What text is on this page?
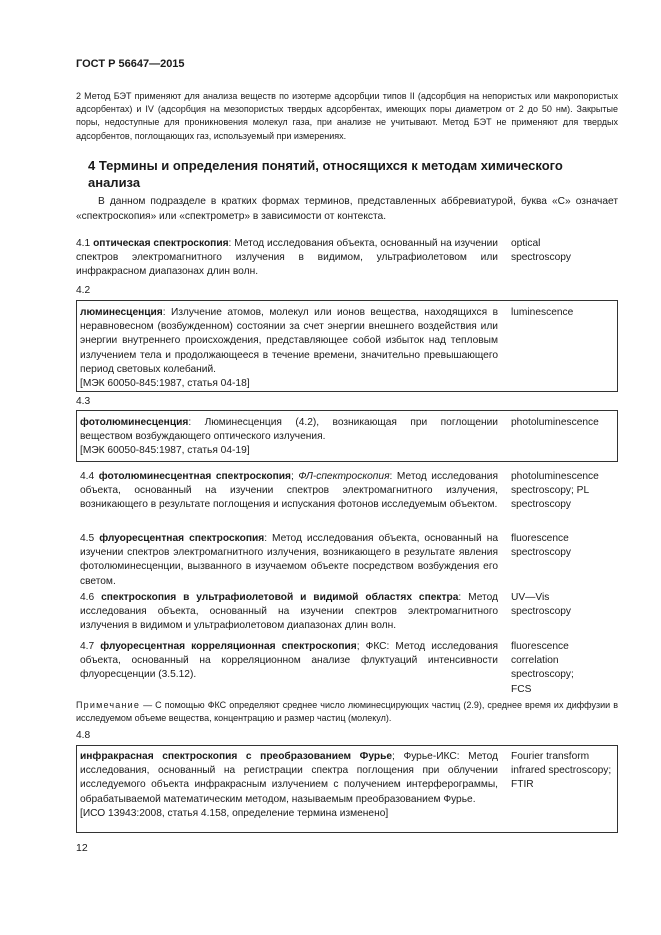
ГОСТ Р 56647—2015
2 Метод БЭТ применяют для анализа веществ по изотерме адсорбции типов II (адсорбция на непористых или макропористых адсорбентах) и IV (адсорбция на мезопористых твердых адсорбентах, имеющих поры диаметром от 2 до 50 нм). Закрытые поры, недоступные для проникновения молекул газа, при анализе не учитывают. Метод БЭТ не применяют для твердых адсорбентов, поглощающих газ, используемый при измерениях.
4 Термины и определения понятий, относящихся к методам химического анализа
В данном подразделе в кратких формах терминов, представленных аббревиатурой, буква «С» означает «спектроскопия» или «спектрометр» в зависимости от контекста.
4.1 оптическая спектроскопия: Метод исследования объекта, основанный на изучении спектров электромагнитного излучения в видимом, ультрафиолетовом или инфракрасном диапазонах длин волн.
optical spectroscopy
4.2
люминесценция: Излучение атомов, молекул или ионов вещества, находящихся в неравновесном (возбужденном) состоянии за счет энергии внешнего воздействия или энергии внутреннего происхождения, представляющее собой избыток над тепловым излучением тела и продолжающееся в течение времени, значительно превышающего период световых колебаний.
[МЭК 60050-845:1987, статья 04-18]
luminescence
4.3
фотолюминесценция: Люминесценция (4.2), возникающая при поглощении веществом возбуждающего оптического излучения.
[МЭК 60050-845:1987, статья 04-19]
photoluminescence
4.4 фотолюминесцентная спектроскопия; ФЛ-спектроскопия: Метод исследования объекта, основанный на изучении спектров электромагнитного излучения, возникающего в результате поглощения и испускания фотонов исследуемым объектом.
photoluminescence spectroscopy; PL spectroscopy
4.5 флуоресцентная спектроскопия: Метод исследования объекта, основанный на изучении спектров электромагнитного излучения, возникающего в результате явления фотолюминесценции, вызванного в изучаемом объекте посредством возбуждения его светом.
fluorescence spectroscopy
4.6 спектроскопия в ультрафиолетовой и видимой областях спектра: Метод исследования объекта, основанный на изучении спектров электромагнитного излучения в видимом и ультрафиолетовом диапазонах длин волн.
UV—Vis spectroscopy
4.7 флуоресцентная корреляционная спектроскопия; ФКС: Метод исследования объекта, основанный на корреляционном анализе флуктуаций интенсивности флуоресценции (3.5.12).
fluorescence correlation spectroscopy; FCS
Примечание — С помощью ФКС определяют среднее число люминесцирующих частиц (2.9), среднее время их диффузии в исследуемом объеме вещества, концентрацию и размер частиц (молекул).
4.8
инфракрасная спектроскопия с преобразованием Фурье; Фурье-ИКС: Метод исследования, основанный на регистрации спектра поглощения при облучении исследуемого объекта инфракрасным излучением с получением интерферограммы, обрабатываемой математическим методом, называемым преобразованием Фурье.
[ИСО 13943:2008, статья 4.158, определение термина изменено]
Fourier transform infrared spectroscopy; FTIR
12
